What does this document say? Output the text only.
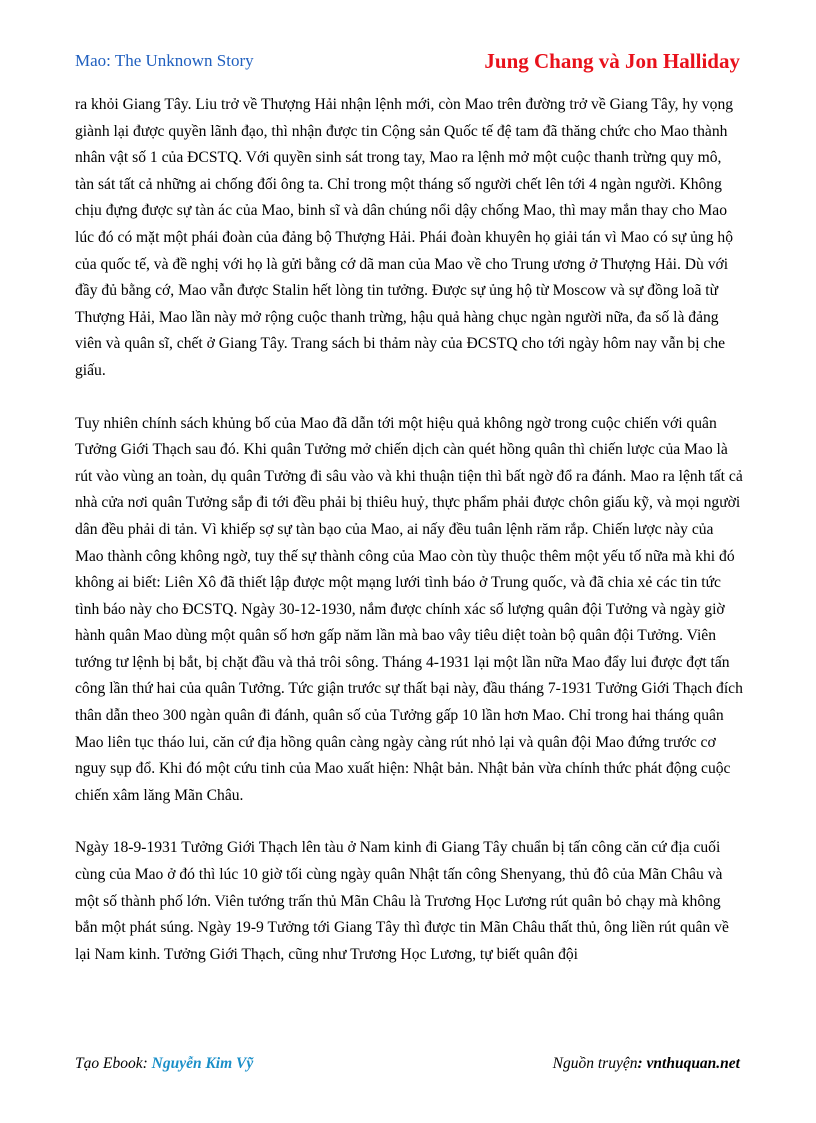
Mao: The Unknown Story	Jung Chang và Jon Halliday

ra khỏi Giang Tây. Liu trở về Thượng Hải nhận lệnh mới, còn Mao trên đường trở về Giang Tây, hy vọng giành lại được quyền lãnh đạo, thì nhận được tin Cộng sản Quốc tế đệ tam đã thăng chức cho Mao thành nhân vật số 1 của ĐCSTQ. Với quyền sinh sát trong tay, Mao ra lệnh mở một cuộc thanh trừng quy mô, tàn sát tất cả những ai chống đối ông ta. Chỉ trong một tháng số người chết lên tới 4 ngàn người. Không chịu đựng được sự tàn ác của Mao, binh sĩ và dân chúng nổi dậy chống Mao, thì may mắn thay cho Mao lúc đó có mặt một phái đoàn của đảng bộ Thượng Hải. Phái đoàn khuyên họ giải tán vì Mao có sự ủng hộ của quốc tế, và đề nghị với họ là gửi bằng cớ dã man của Mao về cho Trung ương ở Thượng Hải. Dù với đầy đủ bằng cớ, Mao vẫn được Stalin hết lòng tin tưởng. Được sự ủng hộ từ Moscow và sự đồng loã từ Thượng Hải, Mao lần này mở rộng cuộc thanh trừng, hậu quả hàng chục ngàn người nữa, đa số là đảng viên và quân sĩ, chết ở Giang Tây. Trang sách bi thảm này của ĐCSTQ cho tới ngày hôm nay vẫn bị che giấu.

Tuy nhiên chính sách khủng bố của Mao đã dẫn tới một hiệu quả không ngờ trong cuộc chiến với quân Tưởng Giới Thạch sau đó. Khi quân Tưởng mở chiến dịch càn quét hồng quân thì chiến lược của Mao là rút vào vùng an toàn, dụ quân Tưởng đi sâu vào và khi thuận tiện thì bất ngờ đổ ra đánh. Mao ra lệnh tất cả nhà cửa nơi quân Tưởng sắp đi tới đều phải bị thiêu huỷ, thực phẩm phải được chôn giấu kỹ, và mọi người dân đều phải di tản. Vì khiếp sợ sự tàn bạo của Mao, ai nấy đều tuân lệnh răm rắp. Chiến lược này của Mao thành công không ngờ, tuy thế sự thành công của Mao còn tùy thuộc thêm một yếu tố nữa mà khi đó không ai biết: Liên Xô đã thiết lập được một mạng lưới tình báo ở Trung quốc, và đã chia xẻ các tin tức tình báo này cho ĐCSTQ. Ngày 30-12-1930, nắm được chính xác số lượng quân đội Tưởng và ngày giờ hành quân Mao dùng một quân số hơn gấp năm lần mà bao vây tiêu diệt toàn bộ quân đội Tưởng. Viên tướng tư lệnh bị bắt, bị chặt đầu và thả trôi sông. Tháng 4-1931 lại một lần nữa Mao đẩy lui được đợt tấn công lần thứ hai của quân Tưởng. Tức giận trước sự thất bại này, đầu tháng 7-1931 Tưởng Giới Thạch đích thân dẫn theo 300 ngàn quân đi đánh, quân số của Tưởng gấp 10 lần hơn Mao. Chỉ trong hai tháng quân Mao liên tục tháo lui, căn cứ địa hồng quân càng ngày càng rút nhỏ lại và quân đội Mao đứng trước cơ nguy sụp đổ. Khi đó một cứu tinh của Mao xuất hiện: Nhật bản. Nhật bản vừa chính thức phát động cuộc chiến xâm lăng Mãn Châu.

Ngày 18-9-1931 Tưởng Giới Thạch lên tàu ở Nam kinh đi Giang Tây chuẩn bị tấn công căn cứ địa cuối cùng của Mao ở đó thì lúc 10 giờ tối cùng ngày quân Nhật tấn công Shenyang, thủ đô của Mãn Châu và một số thành phố lớn. Viên tướng trấn thủ Mãn Châu là Trương Học Lương rút quân bỏ chạy mà không bắn một phát súng. Ngày 19-9 Tưởng tới Giang Tây thì được tin Mãn Châu thất thủ, ông liền rút quân về lại Nam kinh. Tưởng Giới Thạch, cũng như Trương Học Lương, tự biết quân đội

Tạo Ebook: Nguyễn Kim Vỹ	Nguồn truyện: vnthuquan.net
